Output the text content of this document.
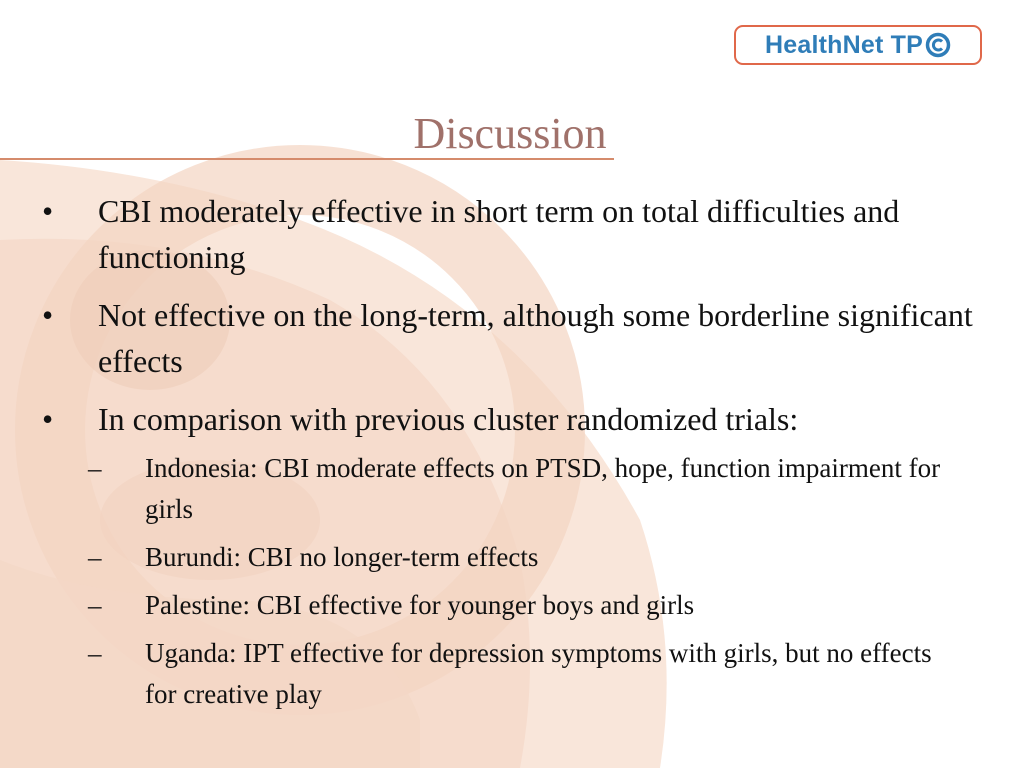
HealthNet TP
Discussion
• CBI moderately effective in short term on total difficulties and functioning
• Not effective on the long-term, although some borderline significant effects
• In comparison with previous cluster randomized trials:
– Indonesia: CBI moderate effects on PTSD, hope, function impairment for girls
– Burundi: CBI no longer-term effects
– Palestine: CBI effective for younger boys and girls
– Uganda: IPT effective for depression symptoms with girls, but no effects for creative play
